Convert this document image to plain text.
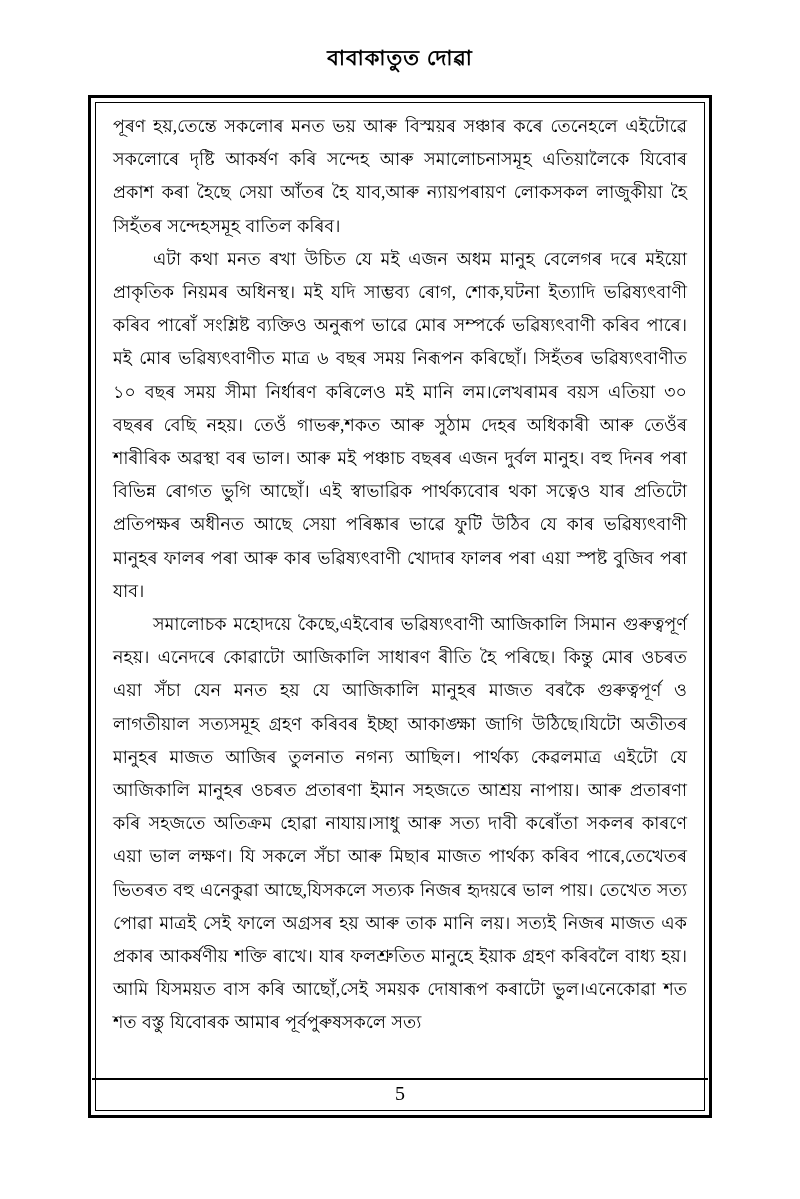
বাবাকাতুত দোৱা

পূৰণ হয়,তেন্তে সকলোৰ মনত ভয় আৰু বিস্ময়ৰ সঞ্চাৰ কৰে তেনেহলে এইটোৱে সকলোৰে দৃষ্টি আকৰ্ষণ কৰি সন্দেহ আৰু সমালোচনাসমূহ এতিয়ালৈকে যিবোৰ প্ৰকাশ কৰা হৈছে সেয়া আঁতৰ হৈ যাব,আৰু ন্যায়পৰায়ণ লোকসকল লাজুকীয়া হৈ সিহঁতৰ সন্দেহসমূহ বাতিল কৰিব।

এটা কথা মনত ৰখা উচিত যে মই এজন অধম মানুহ বেলেগৰ দৰে মইয়ো প্ৰাকৃতিক নিয়মৰ অধিনস্থ। মই যদি সাম্ভব্য ৰোগ, শোক,ঘটনা ইত্যাদি ভৱিষ্যৎবাণী কৰিব পাৰোঁ সংশ্লিষ্ট ব্যক্তিও অনুৰূপ ভাৱে মোৰ সম্পৰ্কে ভৱিষ্যৎবাণী কৰিব পাৰে। মই মোৰ ভৱিষ্যৎবাণীত মাত্ৰ ৬ বছৰ সময় নিৰূপন কৰিছোঁ। সিহঁতৰ ভৱিষ্যৎবাণীত ১০ বছৰ সময় সীমা নিৰ্ধাৰণ কৰিলেও মই মানি লম।লেখৰামৰ বয়স এতিয়া ৩০ বছৰৰ বেছি নহয়। তেওঁ গাভৰু,শকত আৰু সুঠাম দেহৰ অধিকাৰী আৰু তেওঁৰ শাৰীৰিক অৱস্থা বৰ ভাল। আৰু মই পঞ্চাচ বছৰৰ এজন দুৰ্বল মানুহ। বহু দিনৰ পৰা বিভিন্ন ৰোগত ভুগি আছোঁ। এই স্বাভাৱিক পাৰ্থক্যবোৰ থকা সত্বেও যাৰ প্ৰতিটো প্ৰতিপক্ষৰ অধীনত আছে সেয়া পৰিষ্কাৰ ভাৱে ফুটি উঠিব যে কাৰ ভৱিষ্যৎবাণী মানুহৰ ফালৰ পৰা আৰু কাৰ ভৱিষ্যৎবাণী খোদাৰ ফালৰ পৰা এয়া স্পষ্ট বুজিব পৰা যাব।

সমালোচক মহোদয়ে কৈছে,এইবোৰ ভৱিষ্যৎবাণী আজিকালি সিমান গুৰুত্বপূৰ্ণ নহয়। এনেদৰে কোৱাটো আজিকালি সাধাৰণ ৰীতি হৈ পৰিছে। কিন্তু মোৰ ওচৰত এয়া সঁচা যেন মনত হয় যে আজিকালি মানুহৰ মাজত বৰকৈ গুৰুত্বপূৰ্ণ ও লাগতীয়াল সত্যসমূহ গ্ৰহণ কৰিবৰ ইচ্ছা আকাঙ্ক্ষা জাগি উঠিছে।যিটো অতীতৰ মানুহৰ মাজত আজিৰ তুলনাত নগন্য আছিল। পাৰ্থক্য কেৱলমাত্ৰ এইটো যে আজিকালি মানুহৰ ওচৰত প্ৰতাৰণা ইমান সহজতে আশ্ৰয় নাপায়। আৰু প্ৰতাৰণা কৰি সহজতে অতিক্ৰম হোৱা নাযায়।সাধু আৰু সত্য দাবী কৰোঁতা সকলৰ কাৰণে এয়া ভাল লক্ষণ। যি সকলে সঁচা আৰু মিছাৰ মাজত পাৰ্থক্য কৰিব পাৰে,তেখেতৰ ভিতৰত বহু এনেকুৱা আছে,যিসকলে সত্যক নিজৰ হৃদয়ৰে ভাল পায়। তেখেত সত্য পোৱা মাত্ৰই সেই ফালে অগ্ৰসৰ হয় আৰু তাক মানি লয়। সত্যই নিজৰ মাজত এক প্ৰকাৰ আকৰ্ষণীয় শক্তি ৰাখে। যাৰ ফলশ্ৰুতিত মানুহে ইয়াক গ্ৰহণ কৰিবলৈ বাধ্য হয়।আমি যিসময়ত বাস কৰি আছোঁ,সেই সময়ক দোষাৰূপ কৰাটো ভুল।এনেকোৱা শত শত বস্তু যিবোৰক আমাৰ পূৰ্বপুৰুষসকলে সত্য

5
